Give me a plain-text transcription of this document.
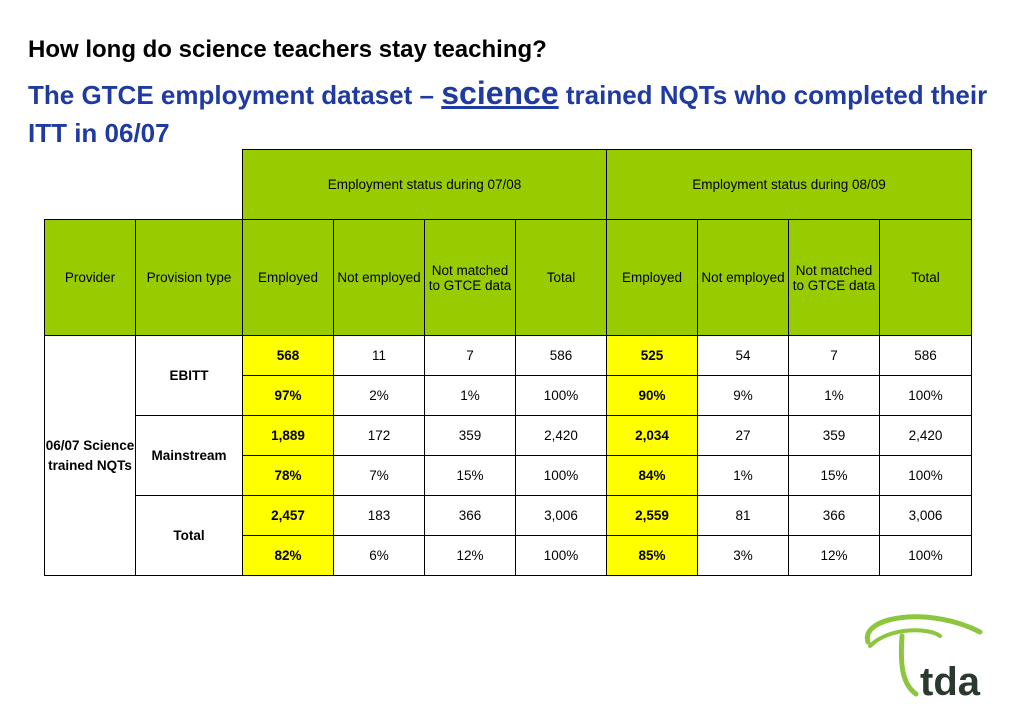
How long do science teachers stay teaching?
The GTCE employment dataset – science trained NQTs who completed their ITT in 06/07
		Employment status during 07/08				Employment status during 08/09			
Provider	Provision type	Employed	Not employed	Not matched to GTCE data	Total	Employed	Not employed	Not matched to GTCE data	Total
06/07 Science trained NQTs	EBITT	568	11	7	586	525	54	7	586
		97%	2%	1%	100%	90%	9%	1%	100%
	Mainstream	1,889	172	359	2,420	2,034	27	359	2,420
		78%	7%	15%	100%	84%	1%	15%	100%
	Total	2,457	183	366	3,006	2,559	81	366	3,006
		82%	6%	12%	100%	85%	3%	12%	100%
tda
